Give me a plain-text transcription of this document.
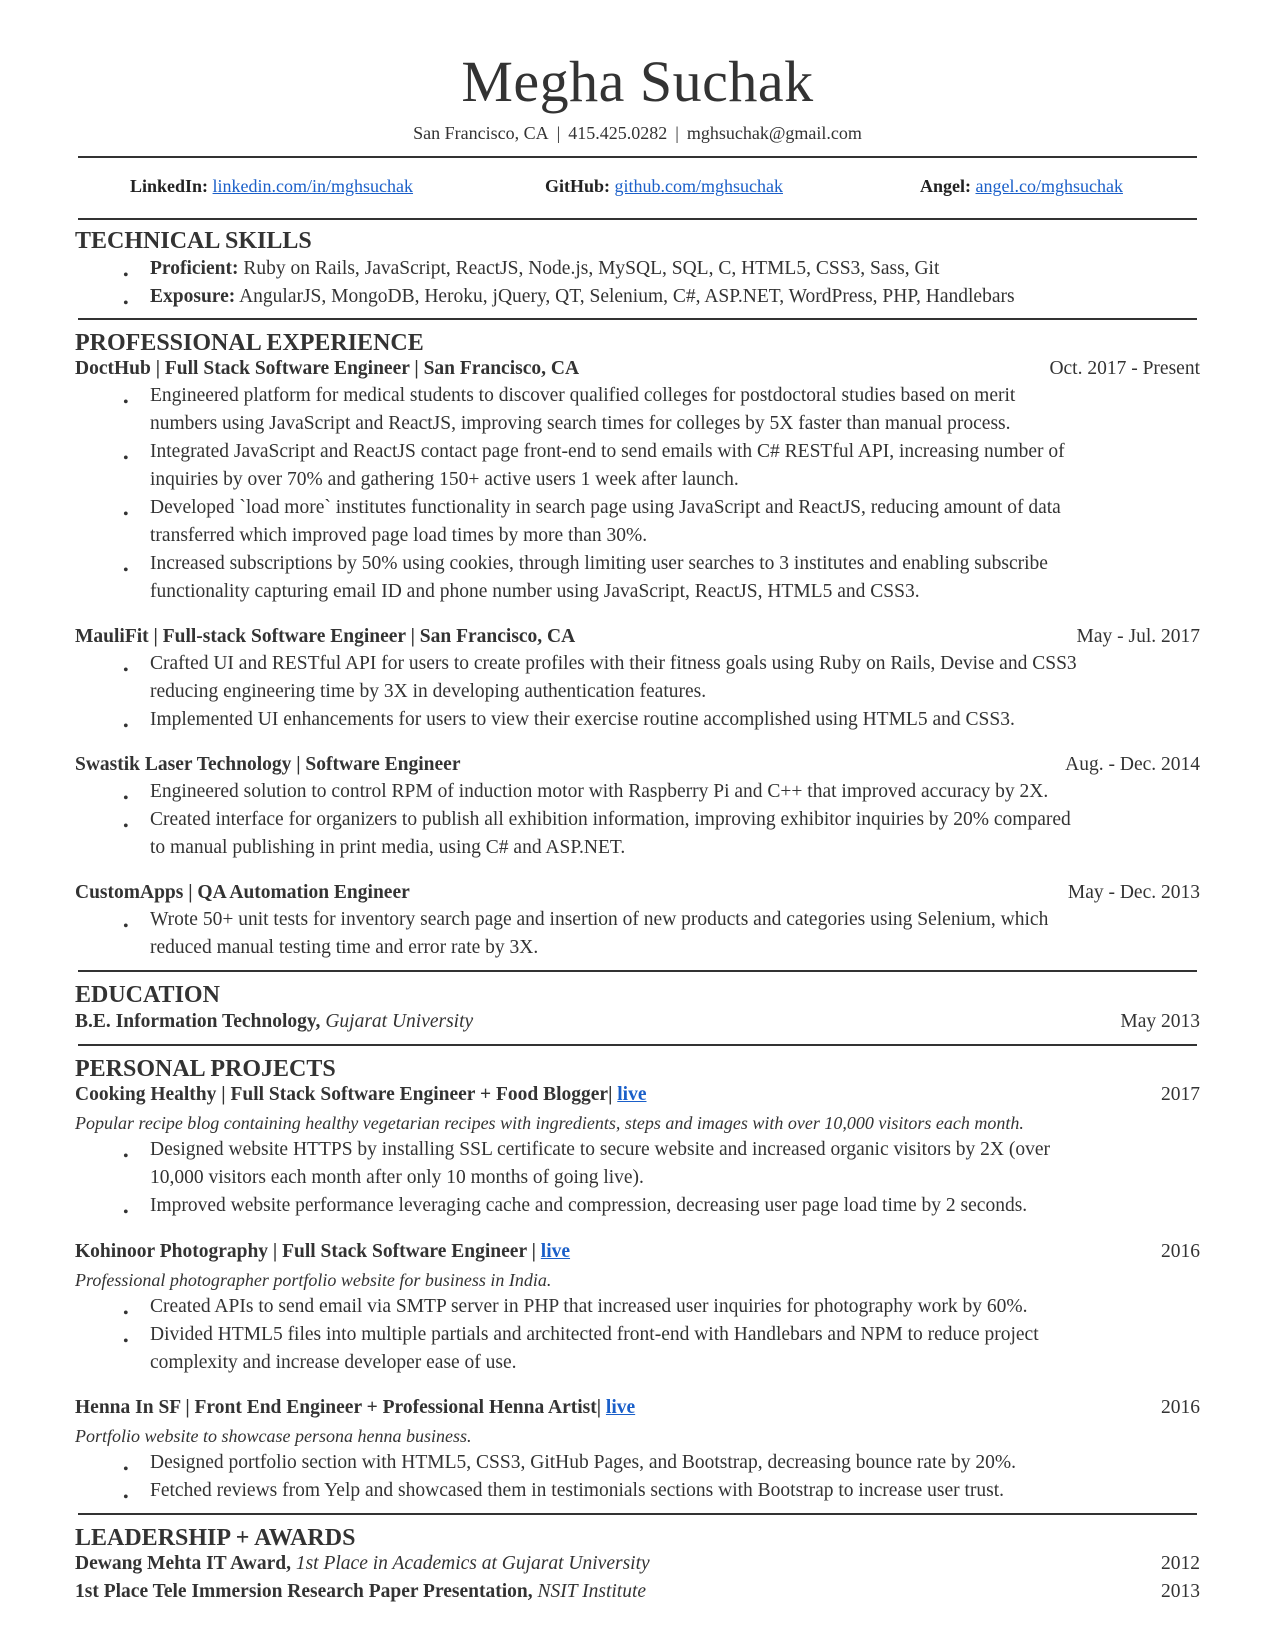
Megha Suchak
San Francisco, CA | 415.425.0282 | mghsuchak@gmail.com
LinkedIn: linkedin.com/in/mghsuchak	GitHub: github.com/mghsuchak	Angel: angel.co/mghsuchak
TECHNICAL SKILLS
• Proficient: Ruby on Rails, JavaScript, ReactJS, Node.js, MySQL, SQL, C, HTML5, CSS3, Sass, Git
• Exposure: AngularJS, MongoDB, Heroku, jQuery, QT, Selenium, C#, ASP.NET, WordPress, PHP, Handlebars
PROFESSIONAL EXPERIENCE
DoctHub | Full Stack Software Engineer | San Francisco, CA	Oct. 2017 - Present
• Engineered platform for medical students to discover qualified colleges for postdoctoral studies based on merit
numbers using JavaScript and ReactJS, improving search times for colleges by 5X faster than manual process.
• Integrated JavaScript and ReactJS contact page front-end to send emails with C# RESTful API, increasing number of
inquiries by over 70% and gathering 150+ active users 1 week after launch.
• Developed `load more` institutes functionality in search page using JavaScript and ReactJS, reducing amount of data
transferred which improved page load times by more than 30%.
• Increased subscriptions by 50% using cookies, through limiting user searches to 3 institutes and enabling subscribe
functionality capturing email ID and phone number using JavaScript, ReactJS, HTML5 and CSS3.
MauliFit | Full-stack Software Engineer | San Francisco, CA	May - Jul. 2017
• Crafted UI and RESTful API for users to create profiles with their fitness goals using Ruby on Rails, Devise and CSS3
reducing engineering time by 3X in developing authentication features.
• Implemented UI enhancements for users to view their exercise routine accomplished using HTML5 and CSS3.
Swastik Laser Technology | Software Engineer	Aug. - Dec. 2014
• Engineered solution to control RPM of induction motor with Raspberry Pi and C++ that improved accuracy by 2X.
• Created interface for organizers to publish all exhibition information, improving exhibitor inquiries by 20% compared
to manual publishing in print media, using C# and ASP.NET.
CustomApps | QA Automation Engineer	May - Dec. 2013
• Wrote 50+ unit tests for inventory search page and insertion of new products and categories using Selenium, which
reduced manual testing time and error rate by 3X.
EDUCATION
B.E. Information Technology, Gujarat University	May 2013
PERSONAL PROJECTS
Cooking Healthy | Full Stack Software Engineer + Food Blogger| live	2017
Popular recipe blog containing healthy vegetarian recipes with ingredients, steps and images with over 10,000 visitors each month.
• Designed website HTTPS by installing SSL certificate to secure website and increased organic visitors by 2X (over
10,000 visitors each month after only 10 months of going live).
• Improved website performance leveraging cache and compression, decreasing user page load time by 2 seconds.
Kohinoor Photography | Full Stack Software Engineer | live	2016
Professional photographer portfolio website for business in India.
• Created APIs to send email via SMTP server in PHP that increased user inquiries for photography work by 60%.
• Divided HTML5 files into multiple partials and architected front-end with Handlebars and NPM to reduce project
complexity and increase developer ease of use.
Henna In SF | Front End Engineer + Professional Henna Artist| live	2016
Portfolio website to showcase persona henna business.
• Designed portfolio section with HTML5, CSS3, GitHub Pages, and Bootstrap, decreasing bounce rate by 20%.
• Fetched reviews from Yelp and showcased them in testimonials sections with Bootstrap to increase user trust.
LEADERSHIP + AWARDS
Dewang Mehta IT Award, 1st Place in Academics at Gujarat University	2012
1st Place Tele Immersion Research Paper Presentation, NSIT Institute	2013
